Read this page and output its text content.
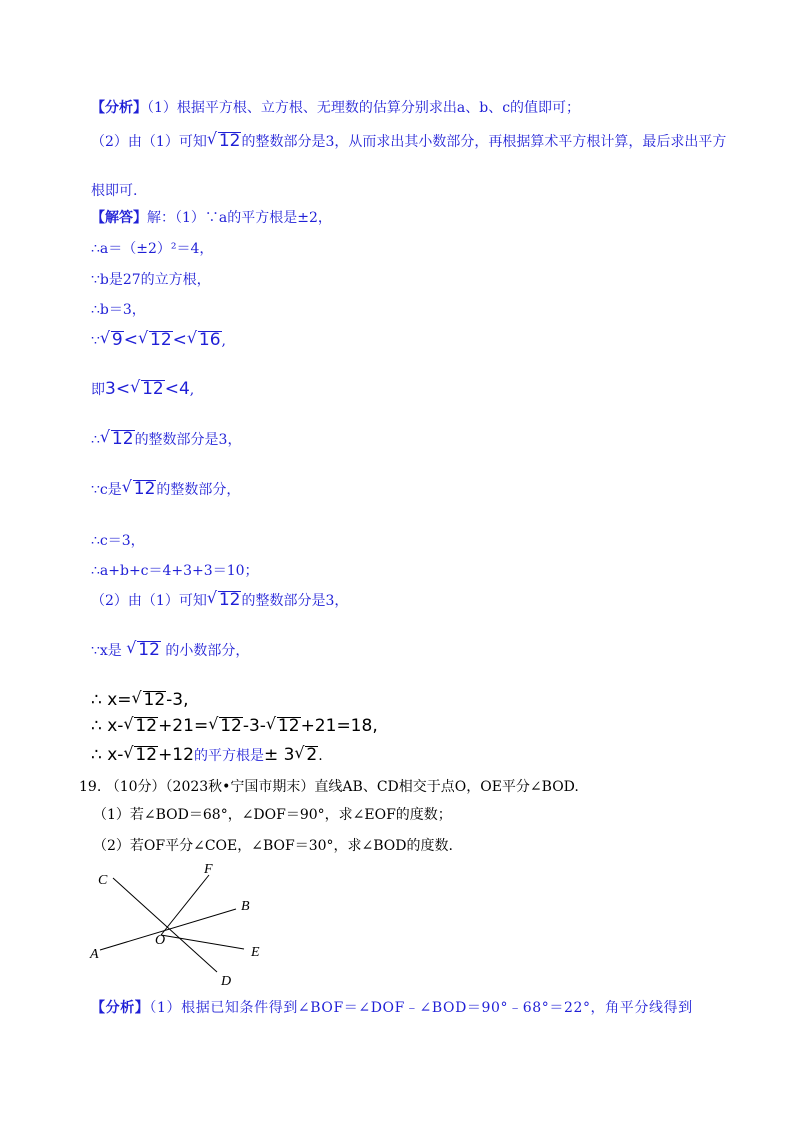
【分析】（1）根据平方根、立方根、无理数的估算分别求出a、b、c的值即可；
（2）由（1）可知 √ 12的整数部分是3，从而求出其小数部分，再根据算术平方根计算，最后求出平方
根即可.
【解答】解：（1）∵a的平方根是±2，
∴a＝（±2）²＝4，
∵b是27的立方根，
∴b＝3，
∵ √ 9< √ 12< √ 16,
即3< √ 12<4,
∴ √ 12的整数部分是3，
∵c是 √ 12的整数部分，
∴c＝3，
∴a+b+c＝4+3+3＝10；
（2）由（1）可知 √ 12的整数部分是3，
∵x是 √ 12 的小数部分，
∴ x= √ 12-3,
∴ x- √ 12+21= √ 12-3- √ 12+21=18,
∴ x- √ 12+12的平方根是± 3 √ 2.
19. （10分）（2023秋•宁国市期末）直线AB、CD相交于点O，OE平分∠BOD.
（1）若∠BOD＝68°，∠DOF＝90°，求∠EOF的度数；
（2）若OF平分∠COE，∠BOF＝30°，求∠BOD的度数.
C
F
B
O
A	E
D
【分析】（1）根据已知条件得到∠BOF＝∠DOF﹣∠BOD＝90°﹣68°＝22°，角平分线得到
